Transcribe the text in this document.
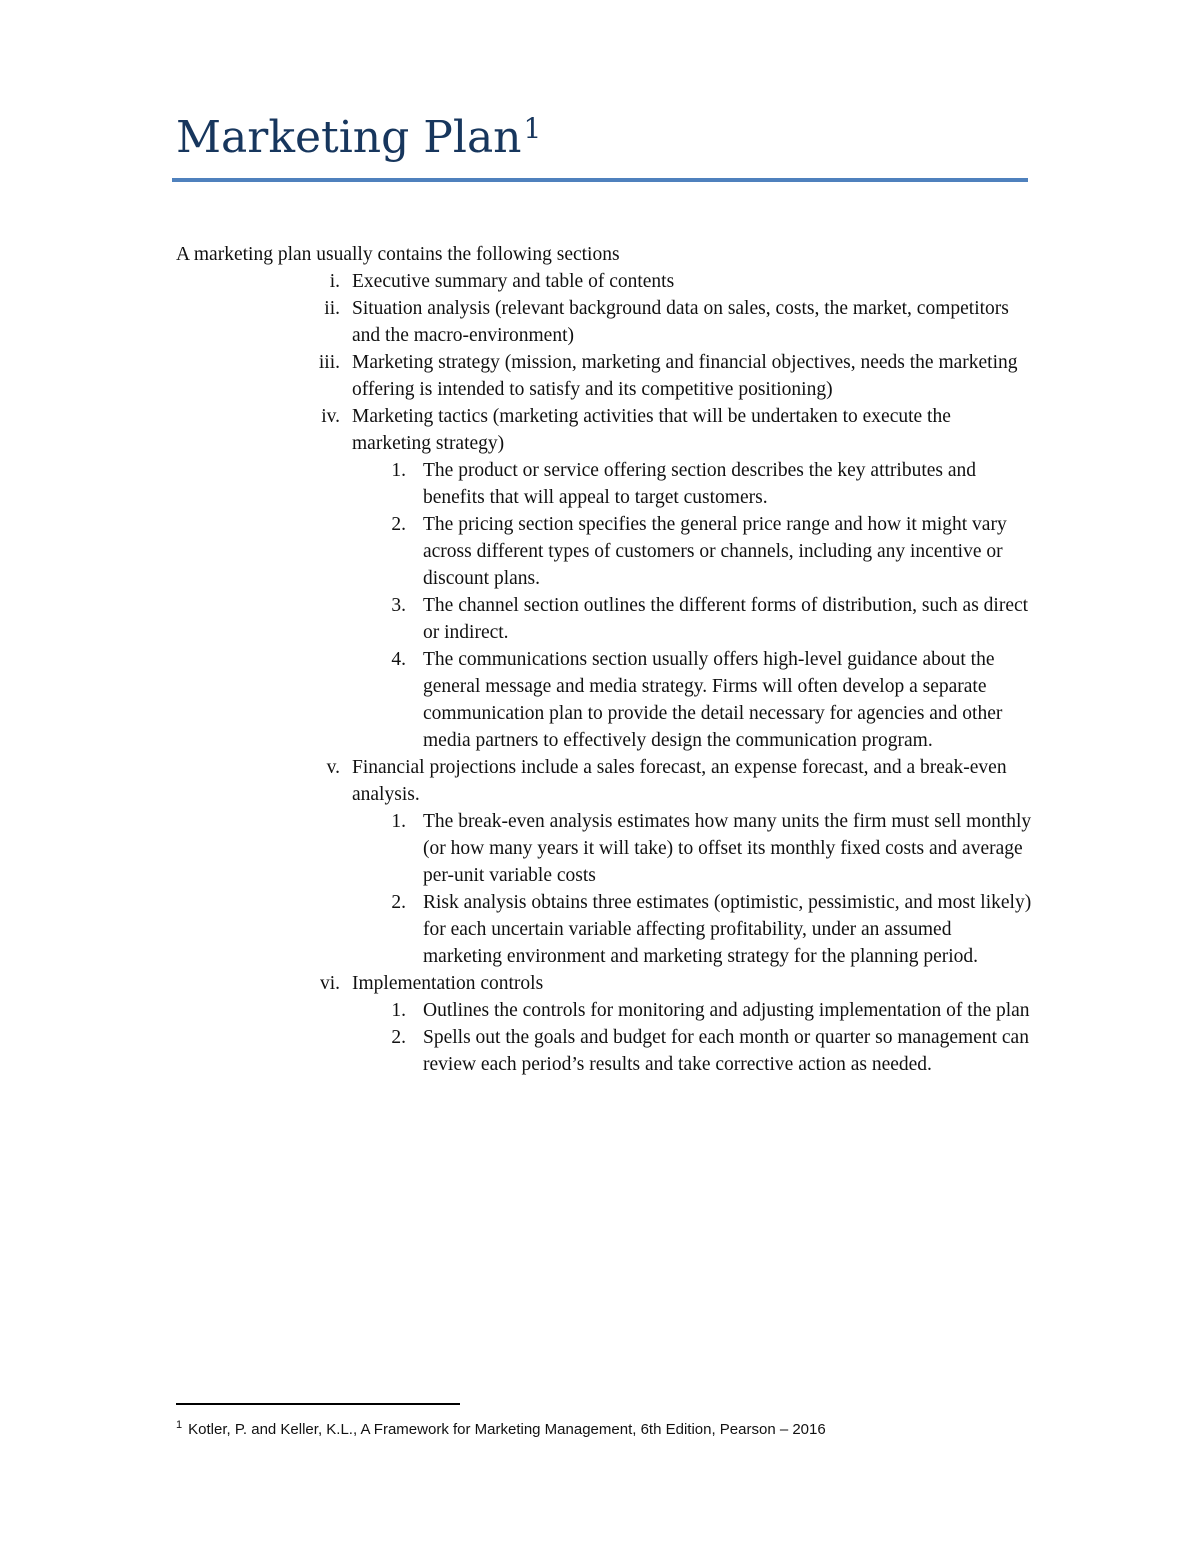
Marketing Plan$^1$
A marketing plan usually contains the following sections
i. Executive summary and table of contents
ii. Situation analysis (relevant background data on sales, costs, the market, competitors and the macro-environment)
iii. Marketing strategy (mission, marketing and financial objectives, needs the marketing offering is intended to satisfy and its competitive positioning)
iv. Marketing tactics (marketing activities that will be undertaken to execute the marketing strategy)
1. The product or service offering section describes the key attributes and benefits that will appeal to target customers.
2. The pricing section specifies the general price range and how it might vary across different types of customers or channels, including any incentive or discount plans.
3. The channel section outlines the different forms of distribution, such as direct or indirect.
4. The communications section usually offers high-level guidance about the general message and media strategy. Firms will often develop a separate communication plan to provide the detail necessary for agencies and other media partners to effectively design the communication program.
v. Financial projections include a sales forecast, an expense forecast, and a break-even analysis.
1. The break-even analysis estimates how many units the firm must sell monthly (or how many years it will take) to offset its monthly fixed costs and average per-unit variable costs
2. Risk analysis obtains three estimates (optimistic, pessimistic, and most likely) for each uncertain variable affecting profitability, under an assumed marketing environment and marketing strategy for the planning period.
vi. Implementation controls
1. Outlines the controls for monitoring and adjusting implementation of the plan
2. Spells out the goals and budget for each month or quarter so management can review each period’s results and take corrective action as needed.
$^1$ Kotler, P. and Keller, K.L., A Framework for Marketing Management, 6th Edition, Pearson – 2016
